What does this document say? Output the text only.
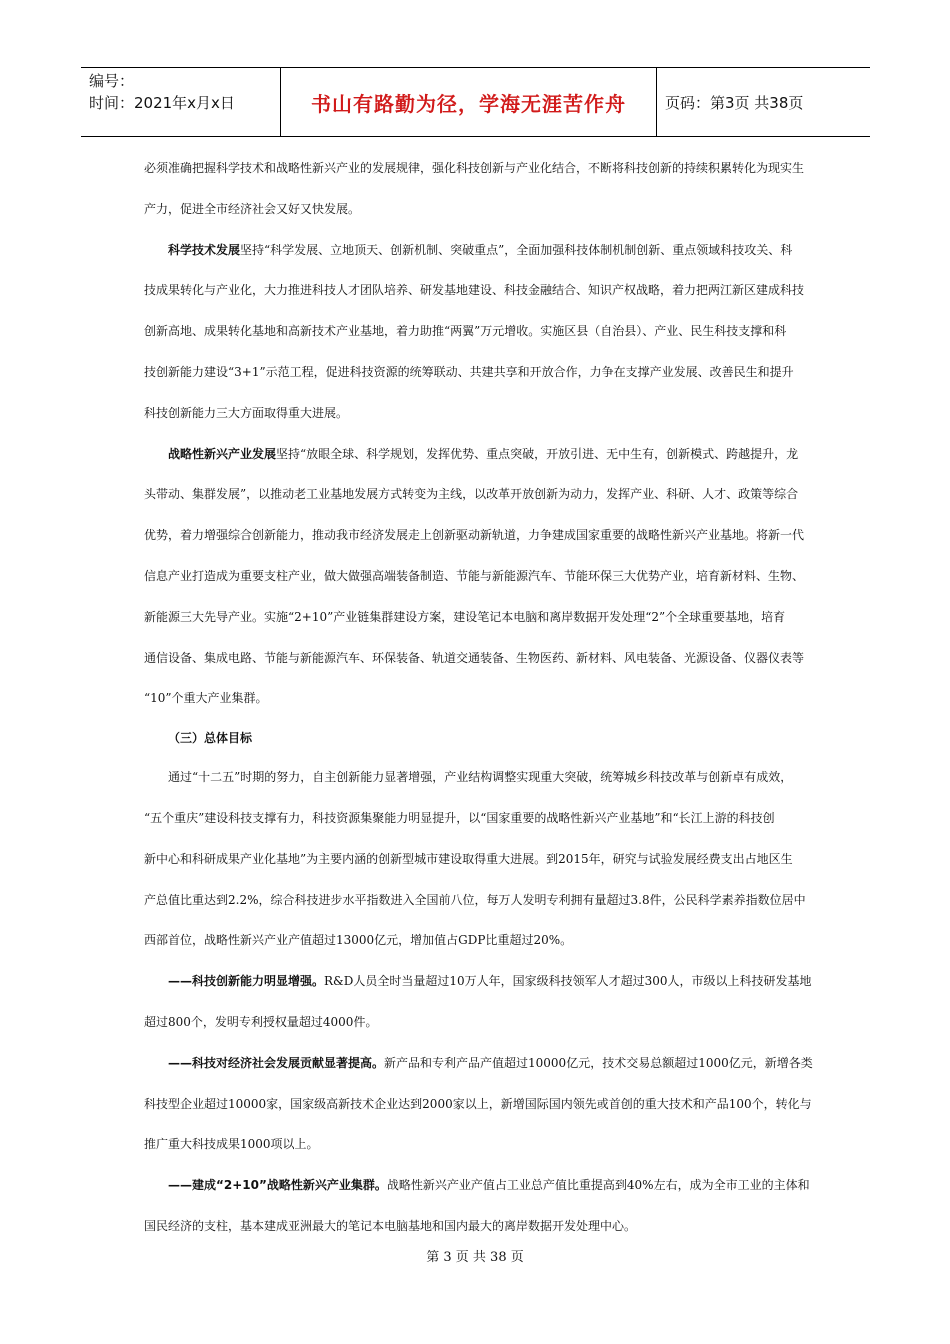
编号：
时间：2021年x月x日	书山有路勤为径，学海无涯苦作舟	页码：第3页 共38页
必须准确把握科学技术和战略性新兴产业的发展规律，强化科技创新与产业化结合，不断将科技创新的持续积累转化为现实生
产力，促进全市经济社会又好又快发展。
科学技术发展坚持“科学发展、立地顶天、创新机制、突破重点”，全面加强科技体制机制创新、重点领域科技攻关、科
技成果转化与产业化，大力推进科技人才团队培养、研发基地建设、科技金融结合、知识产权战略，着力把两江新区建成科技
创新高地、成果转化基地和高新技术产业基地，着力助推“两翼”万元增收。实施区县（自治县）、产业、民生科技支撑和科
技创新能力建设“3+1”示范工程，促进科技资源的统筹联动、共建共享和开放合作，力争在支撑产业发展、改善民生和提升
科技创新能力三大方面取得重大进展。
战略性新兴产业发展坚持“放眼全球、科学规划，发挥优势、重点突破，开放引进、无中生有，创新模式、跨越提升，龙
头带动、集群发展”，以推动老工业基地发展方式转变为主线，以改革开放创新为动力，发挥产业、科研、人才、政策等综合
优势，着力增强综合创新能力，推动我市经济发展走上创新驱动新轨道，力争建成国家重要的战略性新兴产业基地。将新一代
信息产业打造成为重要支柱产业，做大做强高端装备制造、节能与新能源汽车、节能环保三大优势产业，培育新材料、生物、
新能源三大先导产业。实施“2+10”产业链集群建设方案，建设笔记本电脑和离岸数据开发处理“2”个全球重要基地，培育
通信设备、集成电路、节能与新能源汽车、环保装备、轨道交通装备、生物医药、新材料、风电装备、光源设备、仪器仪表等
“10”个重大产业集群。
（三）总体目标
通过“十二五”时期的努力，自主创新能力显著增强，产业结构调整实现重大突破，统筹城乡科技改革与创新卓有成效，
“五个重庆”建设科技支撑有力，科技资源集聚能力明显提升，以“国家重要的战略性新兴产业基地”和“长江上游的科技创
新中心和科研成果产业化基地”为主要内涵的创新型城市建设取得重大进展。到2015年，研究与试验发展经费支出占地区生
产总值比重达到2.2%，综合科技进步水平指数进入全国前八位，每万人发明专利拥有量超过3.8件，公民科学素养指数位居中
西部首位，战略性新兴产业产值超过13000亿元，增加值占GDP比重超过20%。
——科技创新能力明显增强。R&D人员全时当量超过10万人年，国家级科技领军人才超过300人，市级以上科技研发基地
超过800个，发明专利授权量超过4000件。
——科技对经济社会发展贡献显著提高。新产品和专利产品产值超过10000亿元，技术交易总额超过1000亿元，新增各类
科技型企业超过10000家，国家级高新技术企业达到2000家以上，新增国际国内领先或首创的重大技术和产品100个，转化与
推广重大科技成果1000项以上。
——建成“2+10”战略性新兴产业集群。战略性新兴产业产值占工业总产值比重提高到40%左右，成为全市工业的主体和
国民经济的支柱，基本建成亚洲最大的笔记本电脑基地和国内最大的离岸数据开发处理中心。
第 3 页 共 38 页
